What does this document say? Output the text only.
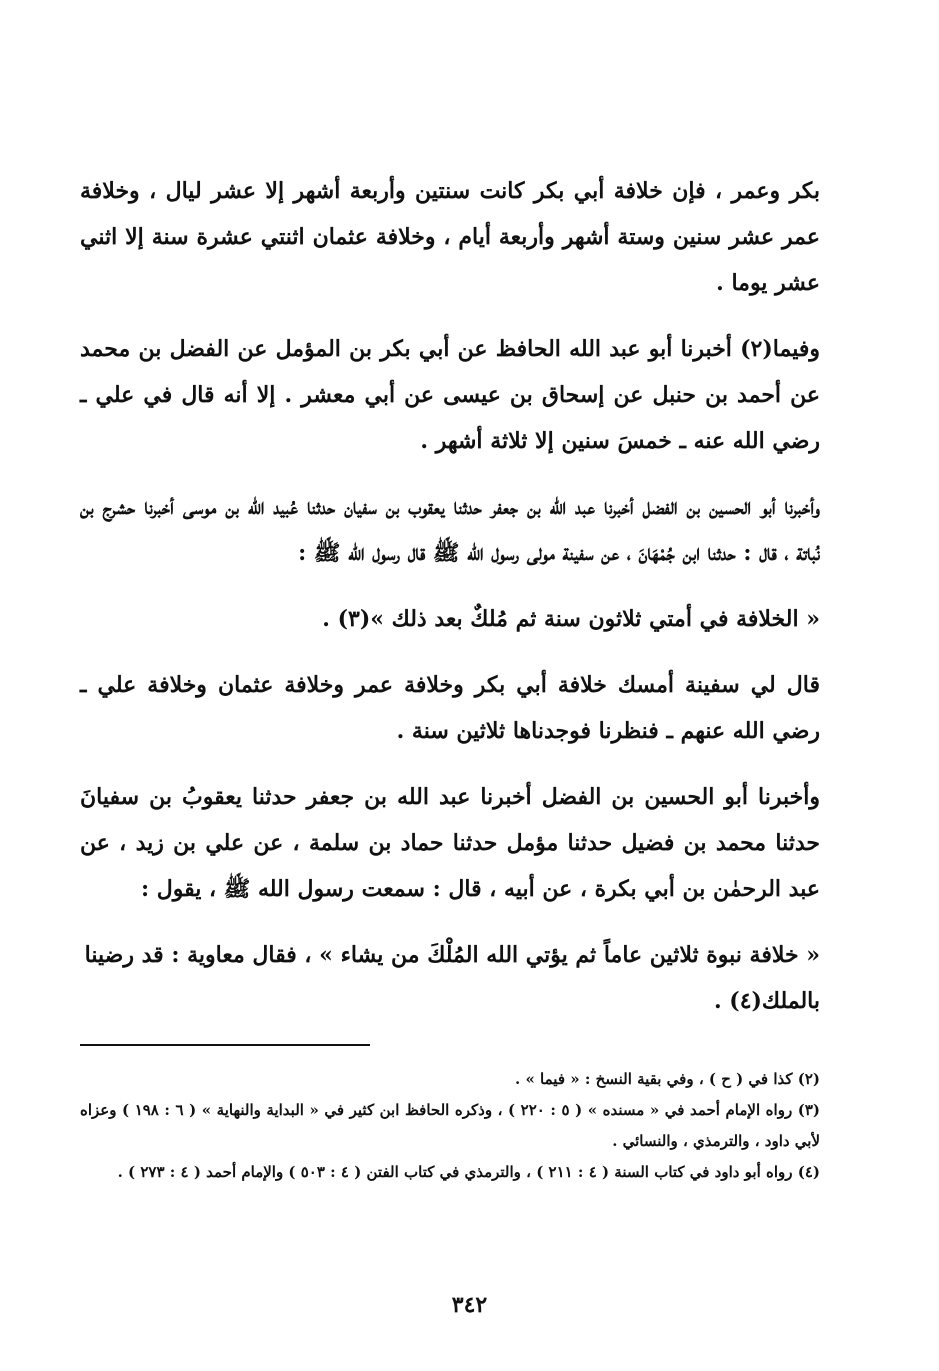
بكر وعمر ، فإن خلافة أبي بكر كانت سنتين وأربعة أشهر إلا عشر ليال ، وخلافة عمر عشر سنين وستة أشهر وأربعة أيام ، وخلافة عثمان اثنتي عشرة سنة إلا اثني عشر يوما .

وفيما(٢) أخبرنا أبو عبد الله الحافظ عن أبي بكر بن المؤمل عن الفضل بن محمد عن أحمد بن حنبل عن إسحاق بن عيسى عن أبي معشر . إلا أنه قال في علي ـ رضي الله عنه ـ خمسَ سنين إلا ثلاثة أشهر .

وأخبرنا أبو الحسين بن الفضل أخبرنا عبد الله بن جعفر حدثنا يعقوب بن سفيان حدثنا عُبيد الله بن موسى أخبرنا حشرج بن نُباتة ، قال : حدثنا ابن جُمْهَانَ ، عن سفينة مولى رسول الله ﷺ قال رسول الله ﷺ :

« الخلافة في أمتي ثلاثون سنة ثم مُلكٌ بعد ذلك »(٣) .

قال لي سفينة أمسك خلافة أبي بكر وخلافة عمر وخلافة عثمان وخلافة علي ـ رضي الله عنهم ـ فنظرنا فوجدناها ثلاثين سنة .

وأخبرنا أبو الحسين بن الفضل أخبرنا عبد الله بن جعفر حدثنا يعقوبُ بن سفيانَ حدثنا محمد بن فضيل حدثنا مؤمل حدثنا حماد بن سلمة ، عن علي بن زيد ، عن عبد الرحمٰن بن أبي بكرة ، عن أبيه ، قال : سمعت رسول الله ﷺ ، يقول :

« خلافة نبوة ثلاثين عاماً ثم يؤتي الله المُلْكَ من يشاء » ، فقال معاوية : قد رضينا بالملك(٤) .

(٢) كذا في ( ح ) ، وفي بقية النسخ : « فيما » .

(٣) رواه الإمام أحمد في « مسنده » ( ٥ : ٢٢٠ ) ، وذكره الحافظ ابن كثير في « البداية والنهاية » ( ٦ : ١٩٨ ) وعزاه لأبي داود ، والترمذي ، والنسائي .

(٤) رواه أبو داود في كتاب السنة ( ٤ : ٢١١ ) ، والترمذي في كتاب الفتن ( ٤ : ٥٠٣ ) والإمام أحمد ( ٤ : ٢٧٣ ) .

٣٤٢
